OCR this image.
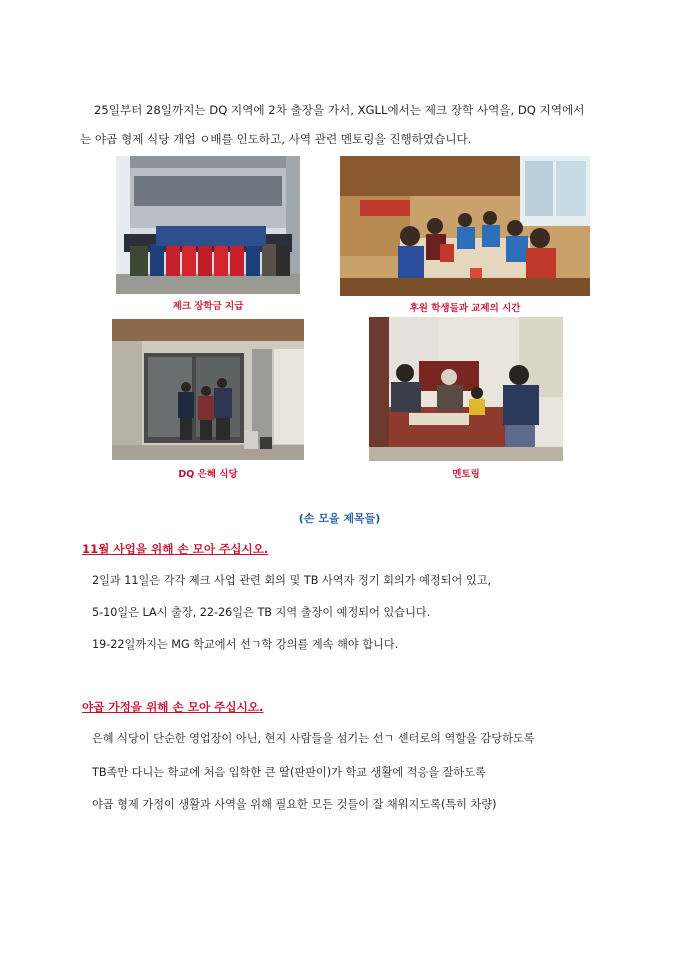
25일부터 28일까지는 DQ 지역에 2차 출장을 가서, XGLL에서는 제크 장학 사역을, DQ 지역에서
는 야곱 형제 식당 개업 ㅇ배를 인도하고, 사역 관련 멘토링을 진행하였습니다.
제크 장학금 지급	후원 학생들과 교제의 시간
DQ 은혜 식당	멘토링
(손 모을 제목들)
11월 사업을 위해 손 모아 주십시오.
2일과 11일은 각각 제크 사업 관련 회의 및 TB 사역자 정기 회의가 예정되어 있고,
5-10일은 LA시 출장, 22-26일은 TB 지역 출장이 예정되어 있습니다.
19-22일까지는 MG 학교에서 선ㄱ학 강의를 계속 해야 합니다.
야곱 가정을 위해 손 모아 주십시오.
은혜 식당이 단순한 영업장이 아닌, 현지 사람들을 섬기는 선ㄱ 센터로의 역할을 감당하도록
TB족만 다니는 학교에 처음 입학한 큰 딸(판판이)가 학교 생활에 적응을 잘하도록
야곱 형제 가정이 생활과 사역을 위해 필요한 모든 것들이 잘 채워지도록(특히 차량)
